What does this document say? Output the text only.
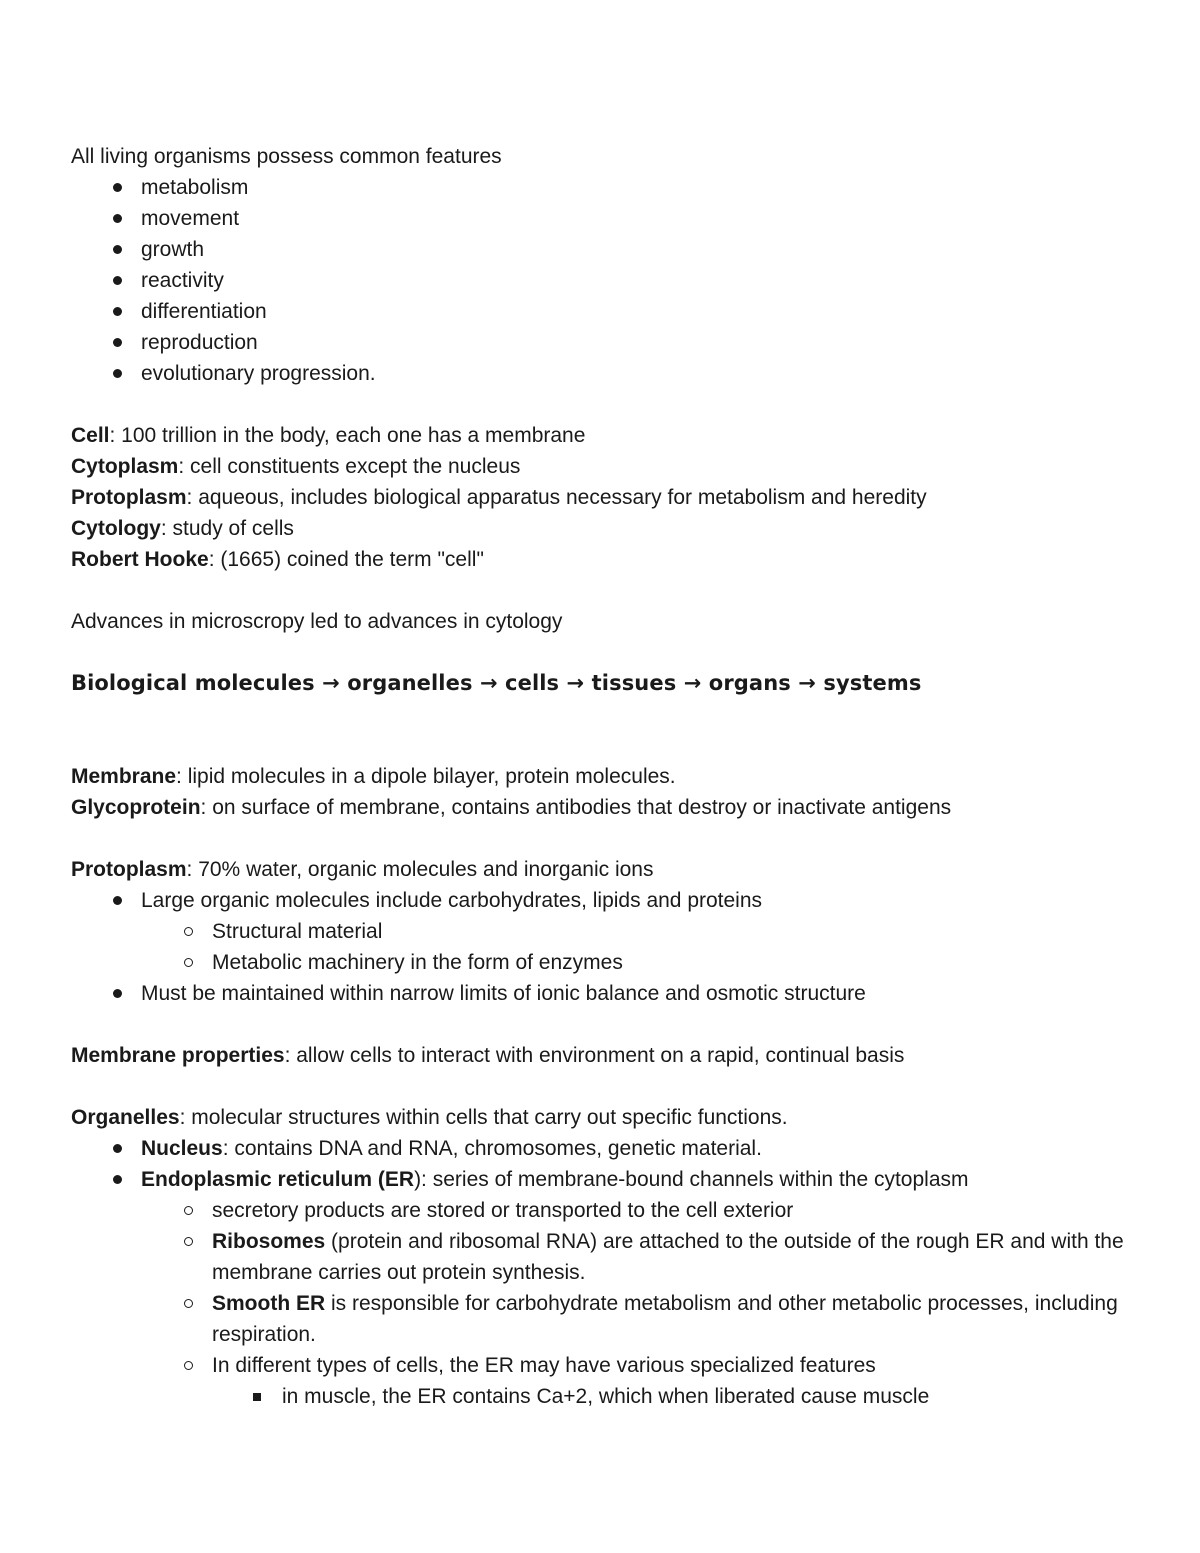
All living organisms possess common features

metabolism
movement
growth
reactivity
differentiation
reproduction
evolutionary progression.

Cell: 100 trillion in the body, each one has a membrane

Cytoplasm: cell constituents except the nucleus

Protoplasm: aqueous, includes biological apparatus necessary for metabolism and heredity

Cytology: study of cells

Robert Hooke: (1665) coined the term "cell"

Advances in microscropy led to advances in cytology

Biological molecules → organelles → cells → tissues → organs → systems

Membrane: lipid molecules in a dipole bilayer, protein molecules.

Glycoprotein: on surface of membrane, contains antibodies that destroy or inactivate antigens

Protoplasm: 70% water, organic molecules and inorganic ions

Large organic molecules include carbohydrates, lipids and proteins
Structural material
Metabolic machinery in the form of enzymes
Must be maintained within narrow limits of ionic balance and osmotic structure

Membrane properties: allow cells to interact with environment on a rapid, continual basis

Organelles: molecular structures within cells that carry out specific functions.

Nucleus: contains DNA and RNA, chromosomes, genetic material.
Endoplasmic reticulum (ER): series of membrane-bound channels within the cytoplasm
secretory products are stored or transported to the cell exterior
Ribosomes (protein and ribosomal RNA) are attached to the outside of the rough ER and with the membrane carries out protein synthesis.
Smooth ER is responsible for carbohydrate metabolism and other metabolic processes, including respiration.
In different types of cells, the ER may have various specialized features
in muscle, the ER contains Ca+2, which when liberated cause muscle
